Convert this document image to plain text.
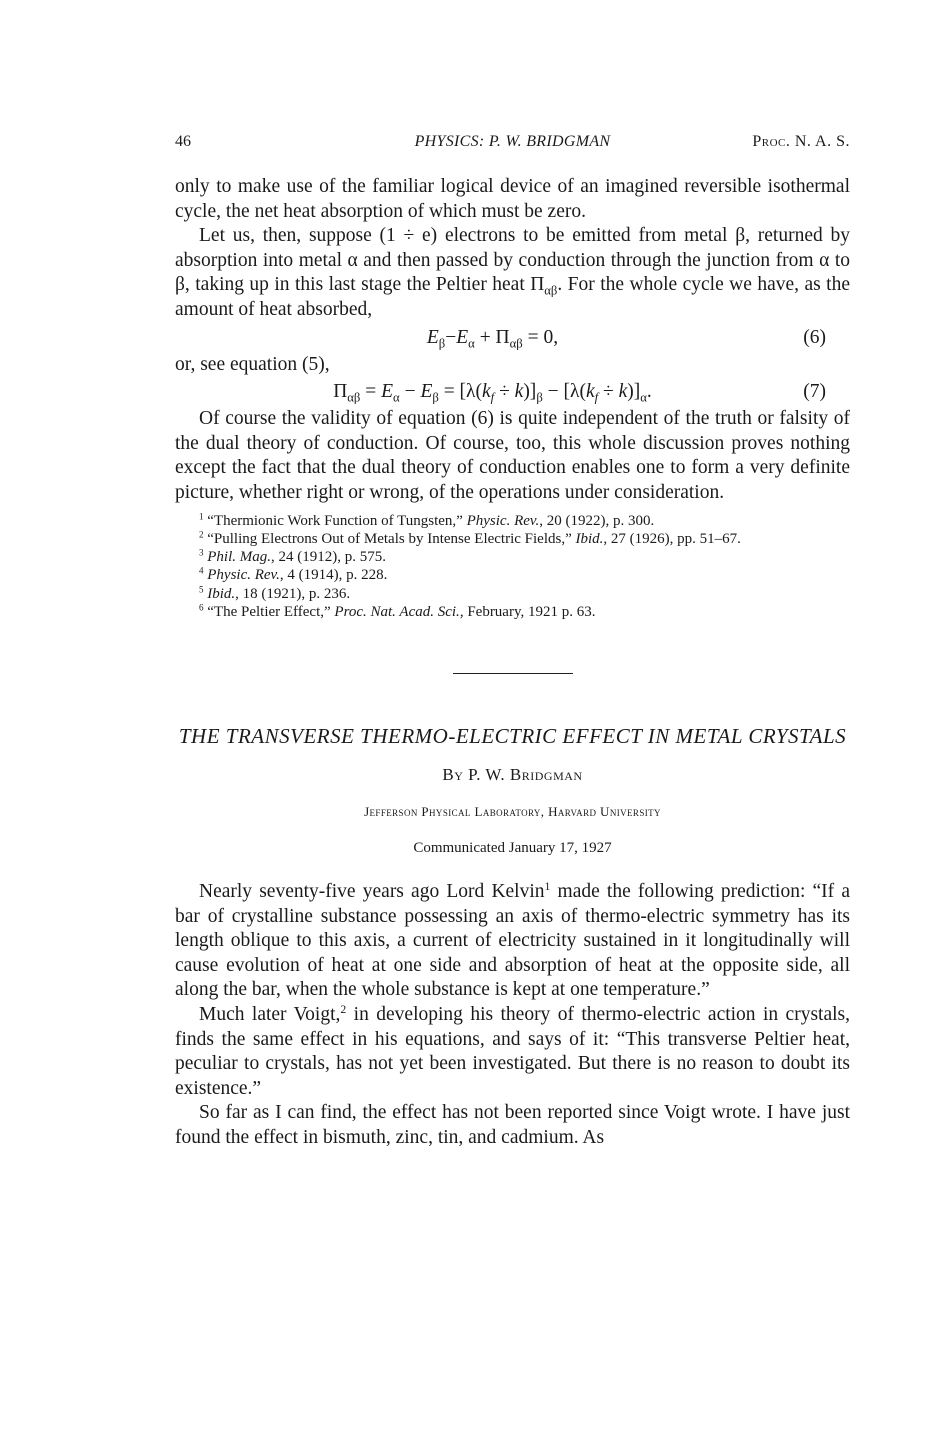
46	PHYSICS: P. W. BRIDGMAN	Proc. N. A. S.

only to make use of the familiar logical device of an imagined reversible isothermal cycle, the net heat absorption of which must be zero.

Let us, then, suppose (1 ÷ e) electrons to be emitted from metal β, returned by absorption into metal α and then passed by conduction through the junction from α to β, taking up in this last stage the Peltier heat $\Pi_{\alpha\beta}$. For the whole cycle we have, as the amount of heat absorbed,

$E_\beta-E_\alpha + \Pi_{\alpha\beta} = 0$,	(6)

or, see equation (5),

$\Pi_{\alpha\beta} = E_\alpha - E_\beta = [\lambda(k_f \div k)]_\beta - [\lambda(k_f \div k)]_\alpha$.	(7)

Of course the validity of equation (6) is quite independent of the truth or falsity of the dual theory of conduction. Of course, too, this whole discussion proves nothing except the fact that the dual theory of conduction enables one to form a very definite picture, whether right or wrong, of the operations under consideration.

$^1$ “Thermionic Work Function of Tungsten,” Physic. Rev., 20 (1922), p. 300.

$^2$ “Pulling Electrons Out of Metals by Intense Electric Fields,” Ibid., 27 (1926), pp. 51–67.

$^3$ Phil. Mag., 24 (1912), p. 575.

$^4$ Physic. Rev., 4 (1914), p. 228.

$^5$ Ibid., 18 (1921), p. 236.

$^6$ “The Peltier Effect,” Proc. Nat. Acad. Sci., February, 1921 p. 63.

THE TRANSVERSE THERMO-ELECTRIC EFFECT IN METAL CRYSTALS
By P. W. Bridgman
Jefferson Physical Laboratory, Harvard University
Communicated January 17, 1927

Nearly seventy-five years ago Lord Kelvin$^1$ made the following prediction: “If a bar of crystalline substance possessing an axis of thermo-electric symmetry has its length oblique to this axis, a current of electricity sustained in it longitudinally will cause evolution of heat at one side and absorption of heat at the opposite side, all along the bar, when the whole substance is kept at one temperature.”

Much later Voigt,$^2$ in developing his theory of thermo-electric action in crystals, finds the same effect in his equations, and says of it: “This transverse Peltier heat, peculiar to crystals, has not yet been investigated. But there is no reason to doubt its existence.”

So far as I can find, the effect has not been reported since Voigt wrote. I have just found the effect in bismuth, zinc, tin, and cadmium. As
